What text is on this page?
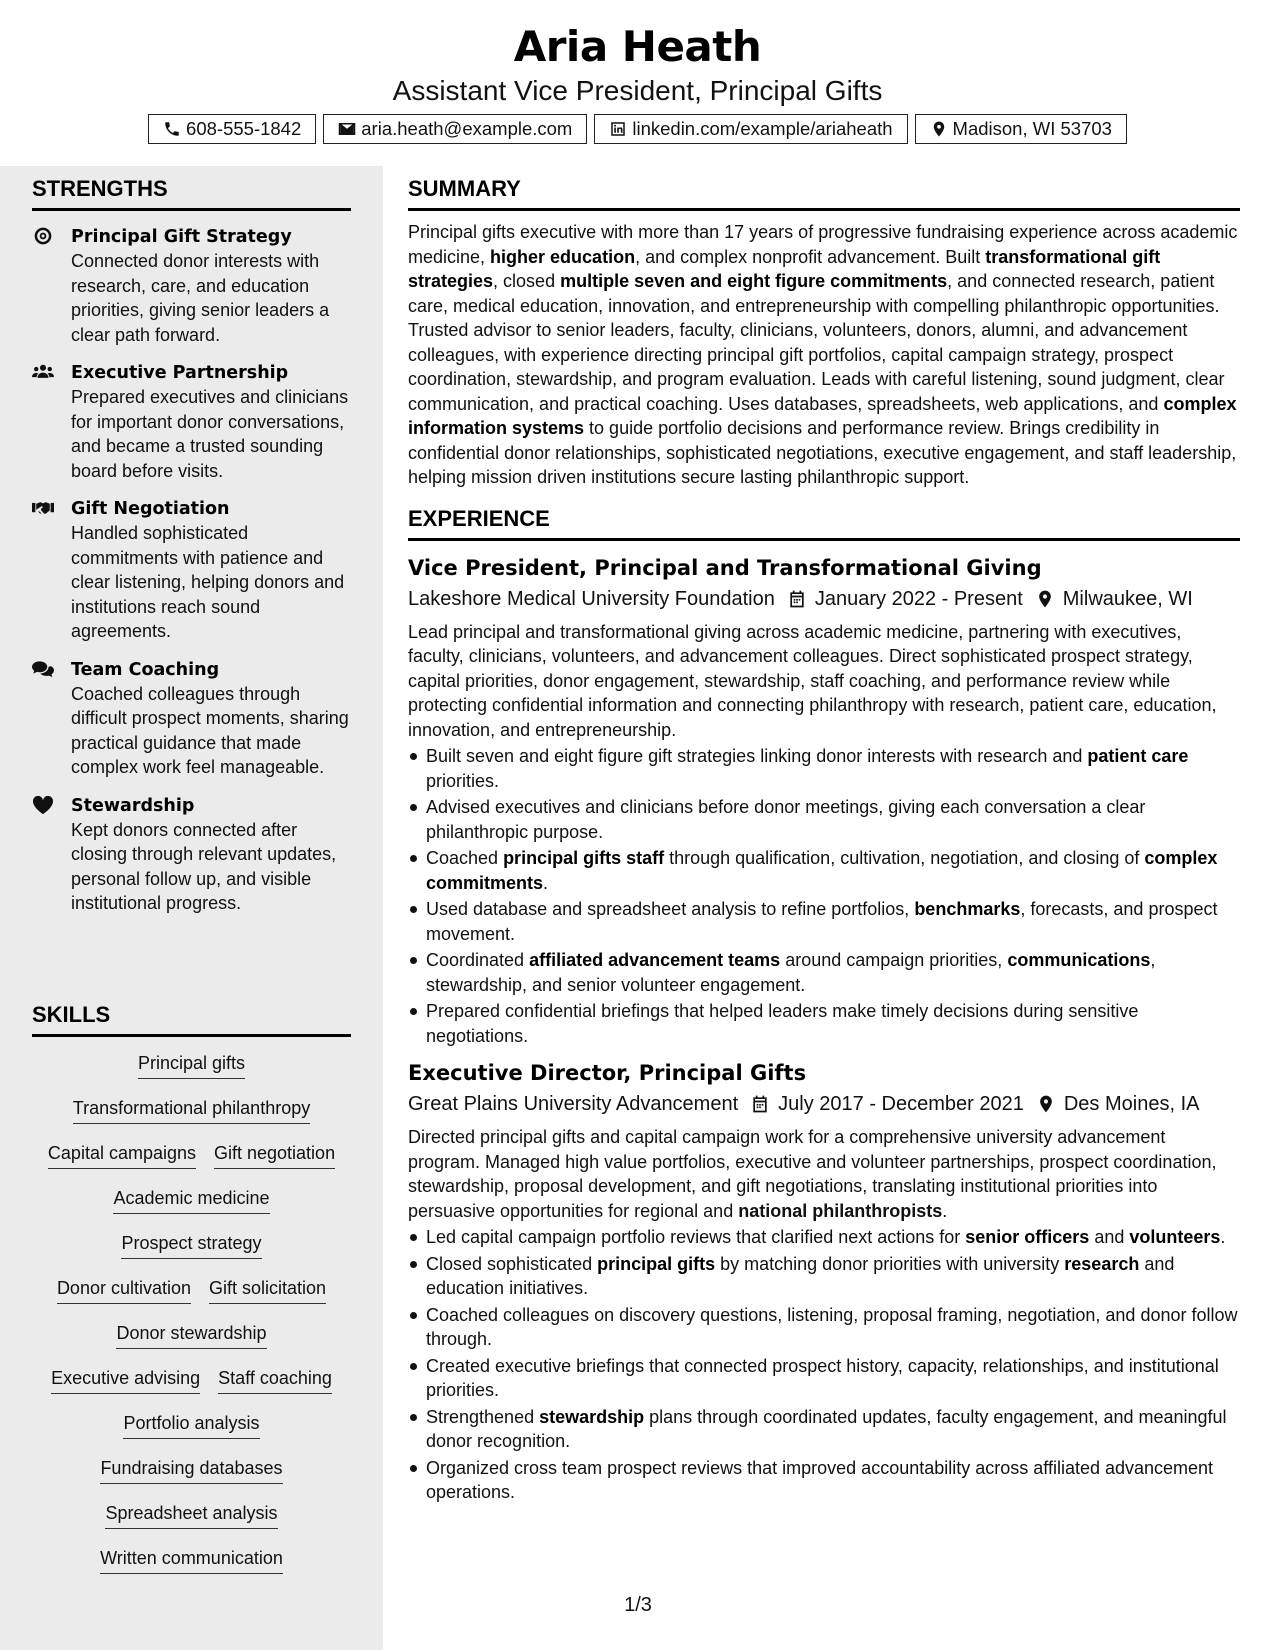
Aria Heath
Assistant Vice President, Principal Gifts
608-555-1842	aria.heath@example.com	linkedin.com/example/ariaheath	Madison, WI 53703
STRENGTHS
Principal Gift Strategy
Connected donor interests with research, care, and education priorities, giving senior leaders a clear path forward.
Executive Partnership
Prepared executives and clinicians for important donor conversations, and became a trusted sounding board before visits.
Gift Negotiation
Handled sophisticated commitments with patience and clear listening, helping donors and institutions reach sound agreements.
Team Coaching
Coached colleagues through difficult prospect moments, sharing practical guidance that made complex work feel manageable.
Stewardship
Kept donors connected after closing through relevant updates, personal follow up, and visible institutional progress.
SKILLS
Principal gifts
Transformational philanthropy
Capital campaigns Gift negotiation
Academic medicine
Prospect strategy
Donor cultivation Gift solicitation
Donor stewardship
Executive advising Staff coaching
Portfolio analysis
Fundraising databases
Spreadsheet analysis
Written communication
SUMMARY

Principal gifts executive with more than 17 years of progressive fundraising experience across academic medicine, higher education, and complex nonprofit advancement. Built transformational gift strategies, closed multiple seven and eight figure commitments, and connected research, patient care, medical education, innovation, and entrepreneurship with compelling philanthropic opportunities. Trusted advisor to senior leaders, faculty, clinicians, volunteers, donors, alumni, and advancement colleagues, with experience directing principal gift portfolios, capital campaign strategy, prospect coordination, stewardship, and program evaluation. Leads with careful listening, sound judgment, clear communication, and practical coaching. Uses databases, spreadsheets, web applications, and complex information systems to guide portfolio decisions and performance review. Brings credibility in confidential donor relationships, sophisticated negotiations, executive engagement, and staff leadership, helping mission driven institutions secure lasting philanthropic support.

EXPERIENCE
Vice President, Principal and Transformational Giving
Lakeshore Medical University Foundation January 2022 - Present Milwaukee, WI

Lead principal and transformational giving across academic medicine, partnering with executives, faculty, clinicians, volunteers, and advancement colleagues. Direct sophisticated prospect strategy, capital priorities, donor engagement, stewardship, staff coaching, and performance review while protecting confidential information and connecting philanthropy with research, patient care, education, innovation, and entrepreneurship.

Built seven and eight figure gift strategies linking donor interests with research and patient care priorities.
Advised executives and clinicians before donor meetings, giving each conversation a clear philanthropic purpose.
Coached principal gifts staff through qualification, cultivation, negotiation, and closing of complex commitments.
Used database and spreadsheet analysis to refine portfolios, benchmarks, forecasts, and prospect movement.
Coordinated affiliated advancement teams around campaign priorities, communications, stewardship, and senior volunteer engagement.
Prepared confidential briefings that helped leaders make timely decisions during sensitive negotiations.
Executive Director, Principal Gifts
Great Plains University Advancement July 2017 - December 2021 Des Moines, IA

Directed principal gifts and capital campaign work for a comprehensive university advancement program. Managed high value portfolios, executive and volunteer partnerships, prospect coordination, stewardship, proposal development, and gift negotiations, translating institutional priorities into persuasive opportunities for regional and national philanthropists.

Led capital campaign portfolio reviews that clarified next actions for senior officers and volunteers.
Closed sophisticated principal gifts by matching donor priorities with university research and education initiatives.
Coached colleagues on discovery questions, listening, proposal framing, negotiation, and donor follow through.
Created executive briefings that connected prospect history, capacity, relationships, and institutional priorities.
Strengthened stewardship plans through coordinated updates, faculty engagement, and meaningful donor recognition.
Organized cross team prospect reviews that improved accountability across affiliated advancement operations.
1/3
